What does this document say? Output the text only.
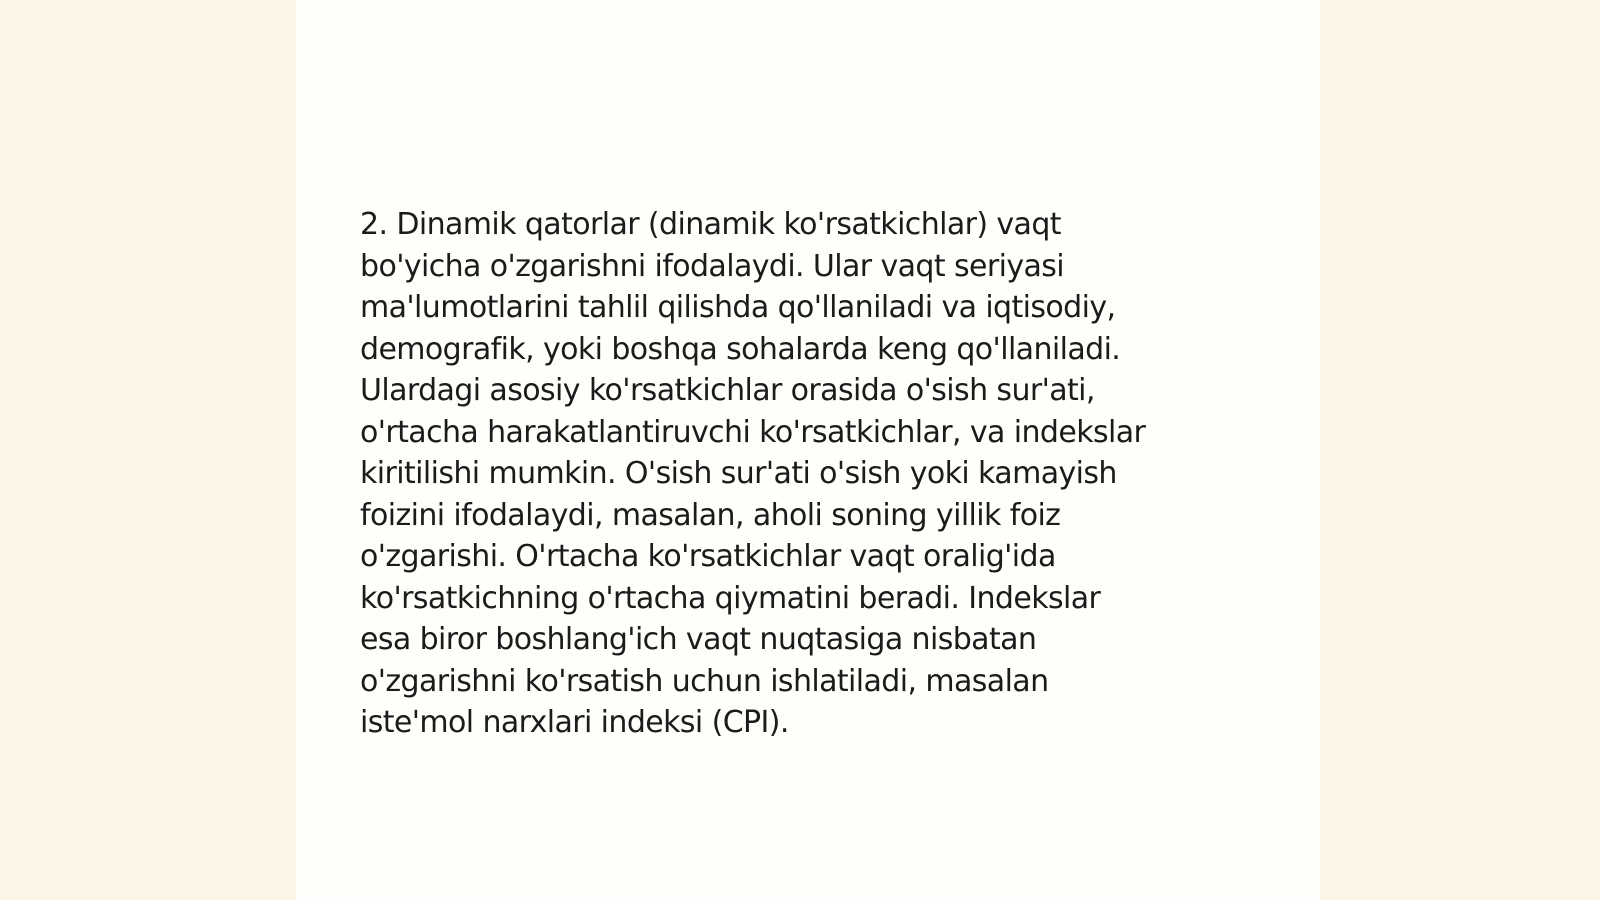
2. Dinamik qatorlar (dinamik ko'rsatkichlar) vaqt
bo'yicha o'zgarishni ifodalaydi. Ular vaqt seriyasi
ma'lumotlarini tahlil qilishda qo'llaniladi va iqtisodiy,
demografik, yoki boshqa sohalarda keng qo'llaniladi.
Ulardagi asosiy ko'rsatkichlar orasida o'sish sur'ati,
o'rtacha harakatlantiruvchi ko'rsatkichlar, va indekslar
kiritilishi mumkin. O'sish sur'ati o'sish yoki kamayish
foizini ifodalaydi, masalan, aholi soning yillik foiz
o'zgarishi. O'rtacha ko'rsatkichlar vaqt oralig'ida
ko'rsatkichning o'rtacha qiymatini beradi. Indekslar
esa biror boshlang'ich vaqt nuqtasiga nisbatan
o'zgarishni ko'rsatish uchun ishlatiladi, masalan
iste'mol narxlari indeksi (CPI).
